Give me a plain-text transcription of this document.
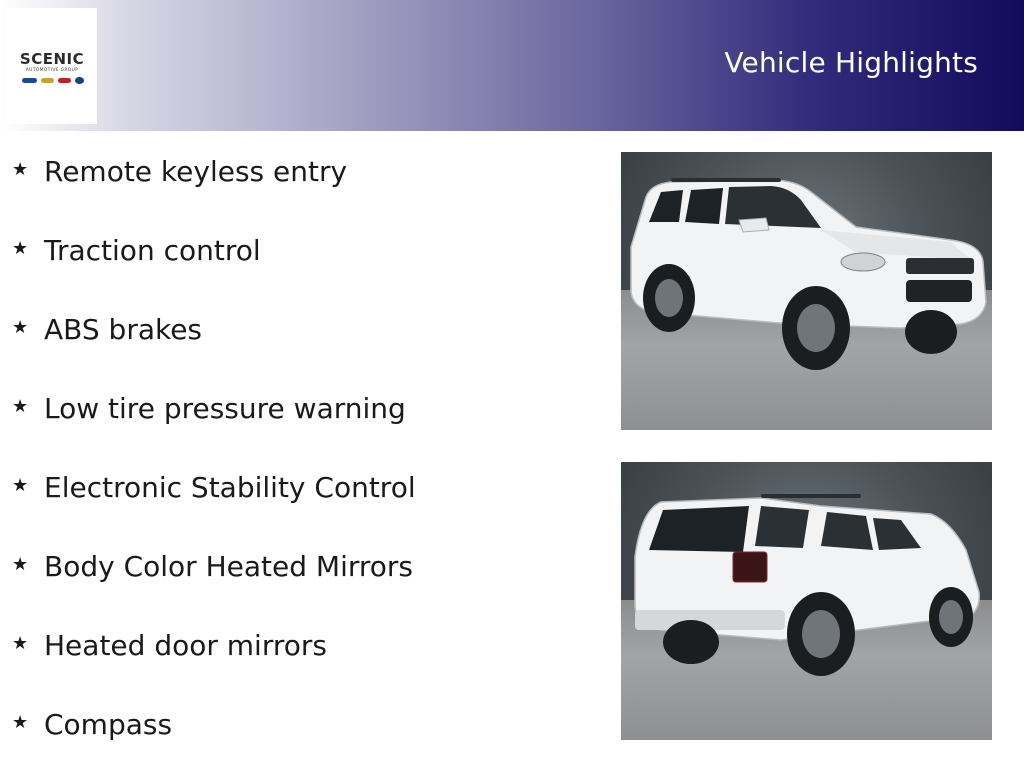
SCENIC
AUTOMOTIVE GROUP	Vehicle Highlights
★ Remote keyless entry
★ Traction control
★ ABS brakes
★ Low tire pressure warning
★ Electronic Stability Control
★ Body Color Heated Mirrors
★ Heated door mirrors
★ Compass
